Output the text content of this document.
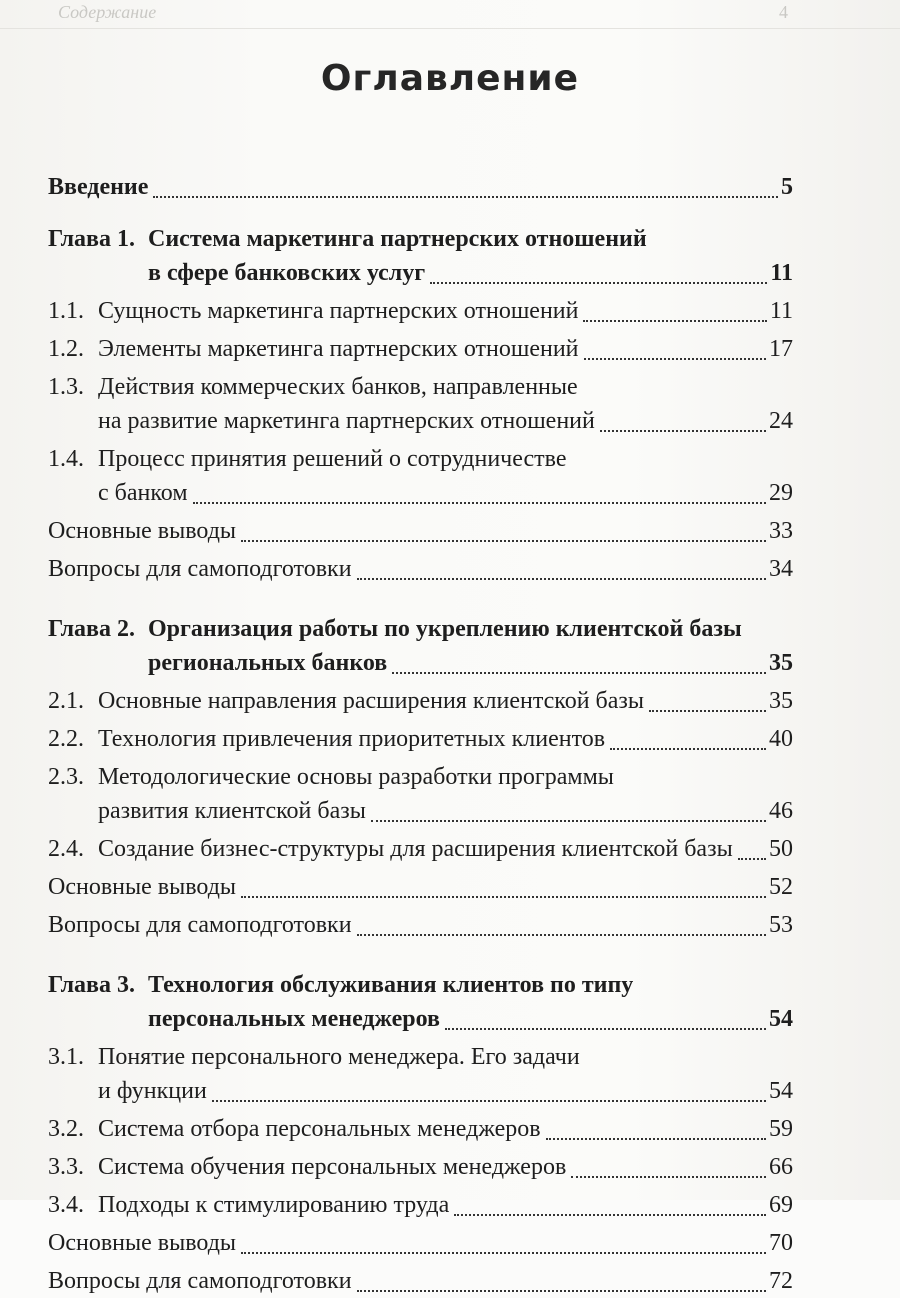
Содержание	4
Оглавление
Введение	5
Глава 1. Система маркетинга партнерских отношений
в сфере банковских услуг	11
1.1. Сущность маркетинга партнерских отношений	11
1.2. Элементы маркетинга партнерских отношений	17
1.3. Действия коммерческих банков, направленные
на развитие маркетинга партнерских отношений	24
1.4. Процесс принятия решений о сотрудничестве
с банком	29
Основные выводы	33
Вопросы для самоподготовки	34
Глава 2. Организация работы по укреплению клиентской базы
региональных банков	35
2.1. Основные направления расширения клиентской базы	35
2.2. Технология привлечения приоритетных клиентов	40
2.3. Методологические основы разработки программы
развития клиентской базы	46
2.4. Создание бизнес-структуры для расширения клиентской базы 50
Основные выводы	52
Вопросы для самоподготовки	53
Глава 3. Технология обслуживания клиентов по типу
персональных менеджеров	54
3.1. Понятие персонального менеджера. Его задачи
и функции	54
3.2. Система отбора персональных менеджеров	59
3.3. Система обучения персональных менеджеров	66
3.4. Подходы к стимулированию труда	69
Основные выводы	70
Вопросы для самоподготовки	72
